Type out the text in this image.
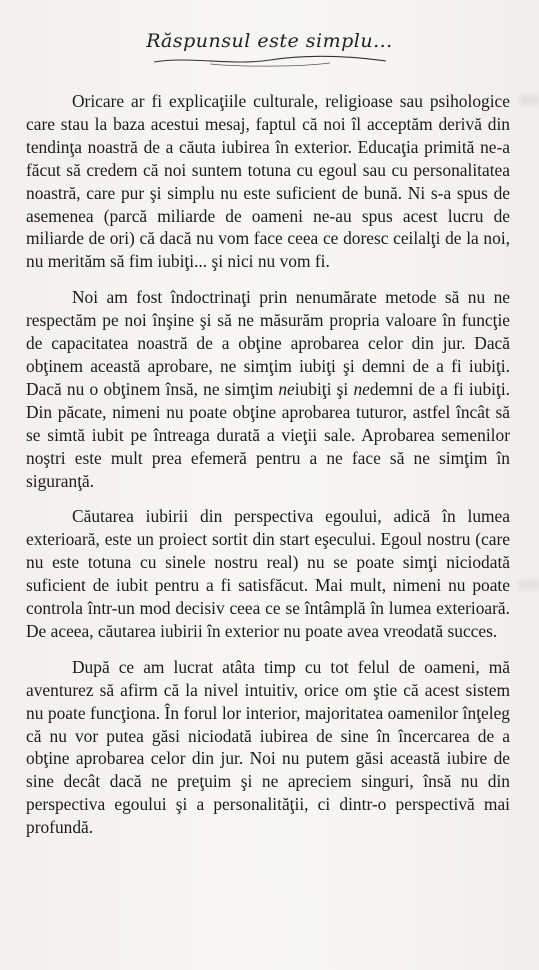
Răspunsul este simplu...

Oricare ar fi explicaţiile culturale, religioase sau psihologice care stau la baza acestui mesaj, faptul că noi îl acceptăm derivă din tendinţa noastră de a căuta iubirea în exterior. Educaţia primită ne-a făcut să credem că noi suntem totuna cu egoul sau cu personalitatea noastră, care pur şi simplu nu este suficient de bună. Ni s-a spus de asemenea (parcă miliarde de oameni ne-au spus acest lucru de miliarde de ori) că dacă nu vom face ceea ce doresc ceilalţi de la noi, nu merităm să fim iubiţi... şi nici nu vom fi.

Noi am fost îndoctrinaţi prin nenumărate metode să nu ne respectăm pe noi înşine şi să ne măsurăm propria valoare în funcţie de capacitatea noastră de a obţine aprobarea celor din jur. Dacă obţinem această aprobare, ne simţim iubiţi şi demni de a fi iubiţi. Dacă nu o obţinem însă, ne simţim neiubiţi şi nedemni de a fi iubiţi. Din păcate, nimeni nu poate obţine aprobarea tuturor, astfel încât să se simtă iubit pe întreaga durată a vieţii sale. Aprobarea semenilor noştri este mult prea efemeră pentru a ne face să ne simţim în siguranţă.

Căutarea iubirii din perspectiva egoului, adică în lumea exterioară, este un proiect sortit din start eşecului. Egoul nostru (care nu este totuna cu sinele nostru real) nu se poate simţi niciodată suficient de iubit pentru a fi satisfăcut. Mai mult, nimeni nu poate controla într-un mod decisiv ceea ce se întâmplă în lumea exterioară. De aceea, căutarea iubirii în exterior nu poate avea vreodată succes.

După ce am lucrat atâta timp cu tot felul de oameni, mă aventurez să afirm că la nivel intuitiv, orice om ştie că acest sistem nu poate funcţiona. În forul lor interior, majoritatea oamenilor înţeleg că nu vor putea găsi niciodată iubirea de sine în încercarea de a obţine aprobarea celor din jur. Noi nu putem găsi această iubire de sine decât dacă ne preţuim şi ne apreciem singuri, însă nu din perspectiva egoului şi a personalităţii, ci dintr-o perspectivă mai profundă.
